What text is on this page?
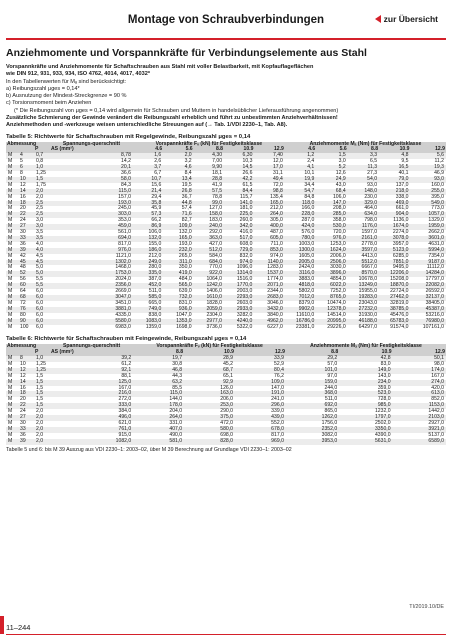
Montage von Schraubverbindungen	zur Übersicht
Anziehmomente und Vorspannkräfte für Verbindungselemente aus Stahl

Vorspannkräfte und Anziehmomente für Schaftschrauben aus Stahl mit voller Belastbarkeit, mit Kopfauflageflächen

wie DIN 912, 931, 933, 934, ISO 4762, 4014, 4017, 4032*

In den Tabellenwerten für Mₐ sind berücksichtigt:

a) Reibungszahl μges = 0,14*

b) Ausnutzung der Mindest-Streckgrenze = 90 %

c) Torsionsmoment beim Anziehen

(* Die Reibungszahl von μges = 0,14 wird allgemein für Schrauben und Muttern in handelsüblicher Lieferausführung angenommen)

Zusätzliche Schmierung der Gewinde verändert die Reibungszahl erheblich und führt zu unbestimmten Anziehverhältnissen!

Anziehmethoden und -werkzeuge weisen unterschiedliche Streuungen auf (→ Tab. 1/VDI 2230–1, Tab. A8).

Tabelle 5: Richtwerte für Schaftschrauben mit Regelgewinde, Reibungszahl μges = 0,14
Abmessung			Spannungs-querschnitt	Vorspannkräfte Fᵥ (kN) für Festigkeitsklasse					Anziehmomente Mₐ (Nm) für Festigkeitsklasse				
		P	AS (mm²)	4.6	5.6	8.8	10.9	12.9	4.6	5.6	8.8	10.9	12.9
M	4	0,7	8,78	1,6	2,0	4,30	6,30	7,40	1,2	1,5	3,3	4,8	5,6
M	5	0,8	14,2	2,6	3,2	7,00	10,3	12,0	2,4	3,0	6,5	9,5	11,2
M	6	1,0	20,1	3,7	4,6	9,90	14,5	17,0	4,1	5,2	11,3	16,5	19,3
M	8	1,25	36,6	6,7	8,4	18,1	26,6	31,1	10,1	12,6	27,3	40,1	46,9
M	10	1,5	58,0	10,7	13,4	28,8	42,2	49,4	19,9	24,9	54,0	79,0	93,0
M	12	1,75	84,3	15,6	19,5	41,9	61,5	72,0	34,4	43,0	93,0	137,0	160,0
M	14	2,0	115,0	21,4	26,8	57,5	84,4	98,8	54,7	68,4	148,0	218,0	255,0
M	16	2,0	157,0	29,4	36,7	78,8	115,7	135,4	84,8	106,0	230,0	338,0	395,0
M	18	2,5	193,0	35,8	44,8	99,0	141,0	165,0	118,0	147,0	329,0	469,0	549,0
M	20	2,5	245,0	45,9	57,4	127,0	181,0	212,0	166,0	208,0	464,0	661,0	773,0
M	22	2,5	303,0	57,3	71,6	158,0	225,0	264,0	228,0	285,0	634,0	904,0	1057,0
M	24	3,0	353,0	66,2	82,7	183,0	260,0	305,0	287,0	358,0	798,0	1136,0	1329,0
M	27	3,0	459,0	86,9	109,0	240,0	342,0	400,0	424,0	530,0	1176,0	1674,0	1959,0
M	30	3,5	561,0	106,0	132,0	292,0	416,0	487,0	576,0	720,0	1597,0	2274,0	2662,0
M	33	3,5	694,0	132,0	165,0	363,0	517,0	605,0	780,0	976,0	2161,0	3078,0	3601,0
M	36	4,0	817,0	155,0	193,0	427,0	608,0	711,0	1003,0	1253,0	2778,0	3957,0	4631,0
M	39	4,0	976,0	186,0	232,0	512,0	729,0	853,0	1300,0	1624,0	3597,0	5123,0	5994,0
M	42	4,5	1121,0	212,0	265,0	584,0	832,0	974,0	1605,0	2006,0	4413,0	6285,0	7354,0
M	45	4,5	1302,0	249,0	311,0	684,0	974,0	1140,0	2005,0	2506,0	5512,0	7851,0	9187,0
M	48	5,0	1468,0	280,0	350,0	770,0	1096,0	1283,0	2424,0	3030,0	6667,0	9495,0	11112,0
M	52	5,0	1753,0	335,0	419,0	922,0	1314,0	1537,0	3116,0	3896,0	8570,0	12206,0	14284,0
M	56	5,5	2024,0	387,0	484,0	1064,0	1516,0	1774,0	3883,0	4854,0	10678,0	15208,0	17797,0
M	60	5,5	2356,0	452,0	565,0	1242,0	1770,0	2071,0	4818,0	6022,0	13249,0	18870,0	22082,0
M	64	6,0	2669,0	511,0	639,0	1406,0	2003,0	2344,0	5802,0	7252,0	15955,0	22724,0	26592,0
M	68	6,0	3047,0	585,0	732,0	1610,0	2293,0	2683,0	7012,0	8765,0	19283,0	27462,0	32137,0
M	72	6,0	3451,0	665,0	831,0	1828,0	2603,0	3046,0	8379,0	10474,0	23043,0	32819,0	38405,0
M	76	6,0	3881,0	749,0	936,0	2059,0	2933,0	3432,0	9902,0	12378,0	27232,0	38785,0	45387,0
M	80	6,0	4335,0	838,0	1047,0	2304,0	3282,0	3840,0	11610,0	14514,0	31930,0	45476,0	53216,0
M	90	6,0	5580,0	1083,0	1353,0	2977,0	4240,0	4962,0	16786,0	20995,0	46188,0	65783,0	76980,0
M	100	6,0	6983,0	1359,0	1698,0	3736,0	5322,0	6227,0	23381,0	29226,0	64297,0	91574,0	107161,0
Tabelle 6: Richtwerte für Schaftschrauben mit Feingewinde, Reibungszahl μges = 0,14
Abmessung			Spannungs-querschnitt	Vorspannkräfte Fᵥ (kN) für Festigkeitsklasse			Anziehmomente Mₐ (Nm) für Festigkeitsklasse		
		P	AS (mm²)	8.8	10.9	12.9	8.8	10.9	12.9
M	8	1,0	39,2	19,7	28,9	33,9	29,2	42,8	50,1
M	10	1,25	61,2	30,8	45,2	52,9	57,0	83,0	98,0
M	12	1,25	92,1	46,8	68,7	80,4	101,0	149,0	174,0
M	12	1,5	88,1	44,3	65,1	76,2	97,0	143,0	167,0
M	14	1,5	125,0	63,2	92,9	109,0	159,0	234,0	274,0
M	16	1,5	167,0	85,5	126,0	147,0	244,0	359,0	420,0
M	18	1,5	216,0	115,0	163,0	191,0	368,0	523,0	613,0
M	20	1,5	272,0	144,0	206,0	241,0	511,0	728,0	852,0
M	22	1,5	333,0	178,0	253,0	296,0	692,0	985,0	1153,0
M	24	2,0	384,0	204,0	290,0	339,0	865,0	1232,0	1442,0
M	27	2,0	496,0	264,0	375,0	439,0	1262,0	1797,0	2103,0
M	30	2,0	621,0	331,0	472,0	552,0	1756,0	2502,0	2927,0
M	33	2,0	761,0	407,0	580,0	678,0	2352,0	3350,0	3921,0
M	36	2,0	915,0	490,0	698,0	817,0	3082,0	4390,0	5137,0
M	39	2,0	1082,0	581,0	828,0	969,0	3953,0	5631,0	6589,0
Tabelle 5 und 6: bis M 39 Auszug aus VDI 2230–1: 2003–02, über M 39 Berechnung auf Grundlage VDI 2230–1: 2003–02
TI/2019.10/DE
11–244
